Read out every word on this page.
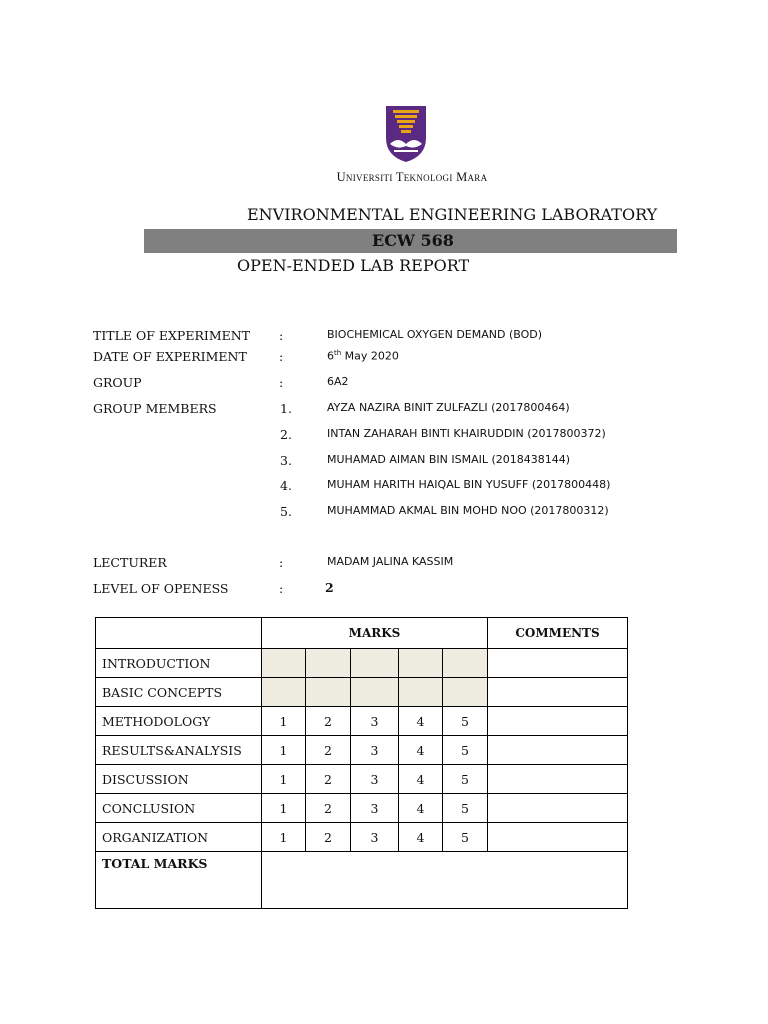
Universiti Teknologi Mara
ENVIRONMENTAL ENGINEERING LABORATORY
ECW 568
OPEN-ENDED LAB REPORT
TITLE OF EXPERIMENT :	BIOCHEMICAL OXYGEN DEMAND (BOD)
DATE OF EXPERIMENT	:	6th May 2020
GROUP	:	6A2
GROUP MEMBERS	1.	AYZA NAZIRA BINIT ZULFAZLI (2017800464)
2.	INTAN ZAHARAH BINTI KHAIRUDDIN (2017800372)
3.	MUHAMAD AIMAN BIN ISMAIL (2018438144)
4.	MUHAM HARITH HAIQAL BIN YUSUFF (2017800448)
5.	MUHAMMAD AKMAL BIN MOHD NOO (2017800312)
LECTURER	:	MADAM JALINA KASSIM
LEVEL OF OPENESS	:	2
	MARKS					COMMENTS
INTRODUCTION						
BASIC CONCEPTS						
METHODOLOGY	1	2	3	4	5	
RESULTS&ANALYSIS	1	2	3	4	5	
DISCUSSION	1	2	3	4	5	
CONCLUSION	1	2	3	4	5	
ORGANIZATION	1	2	3	4	5	
TOTAL MARKS						
